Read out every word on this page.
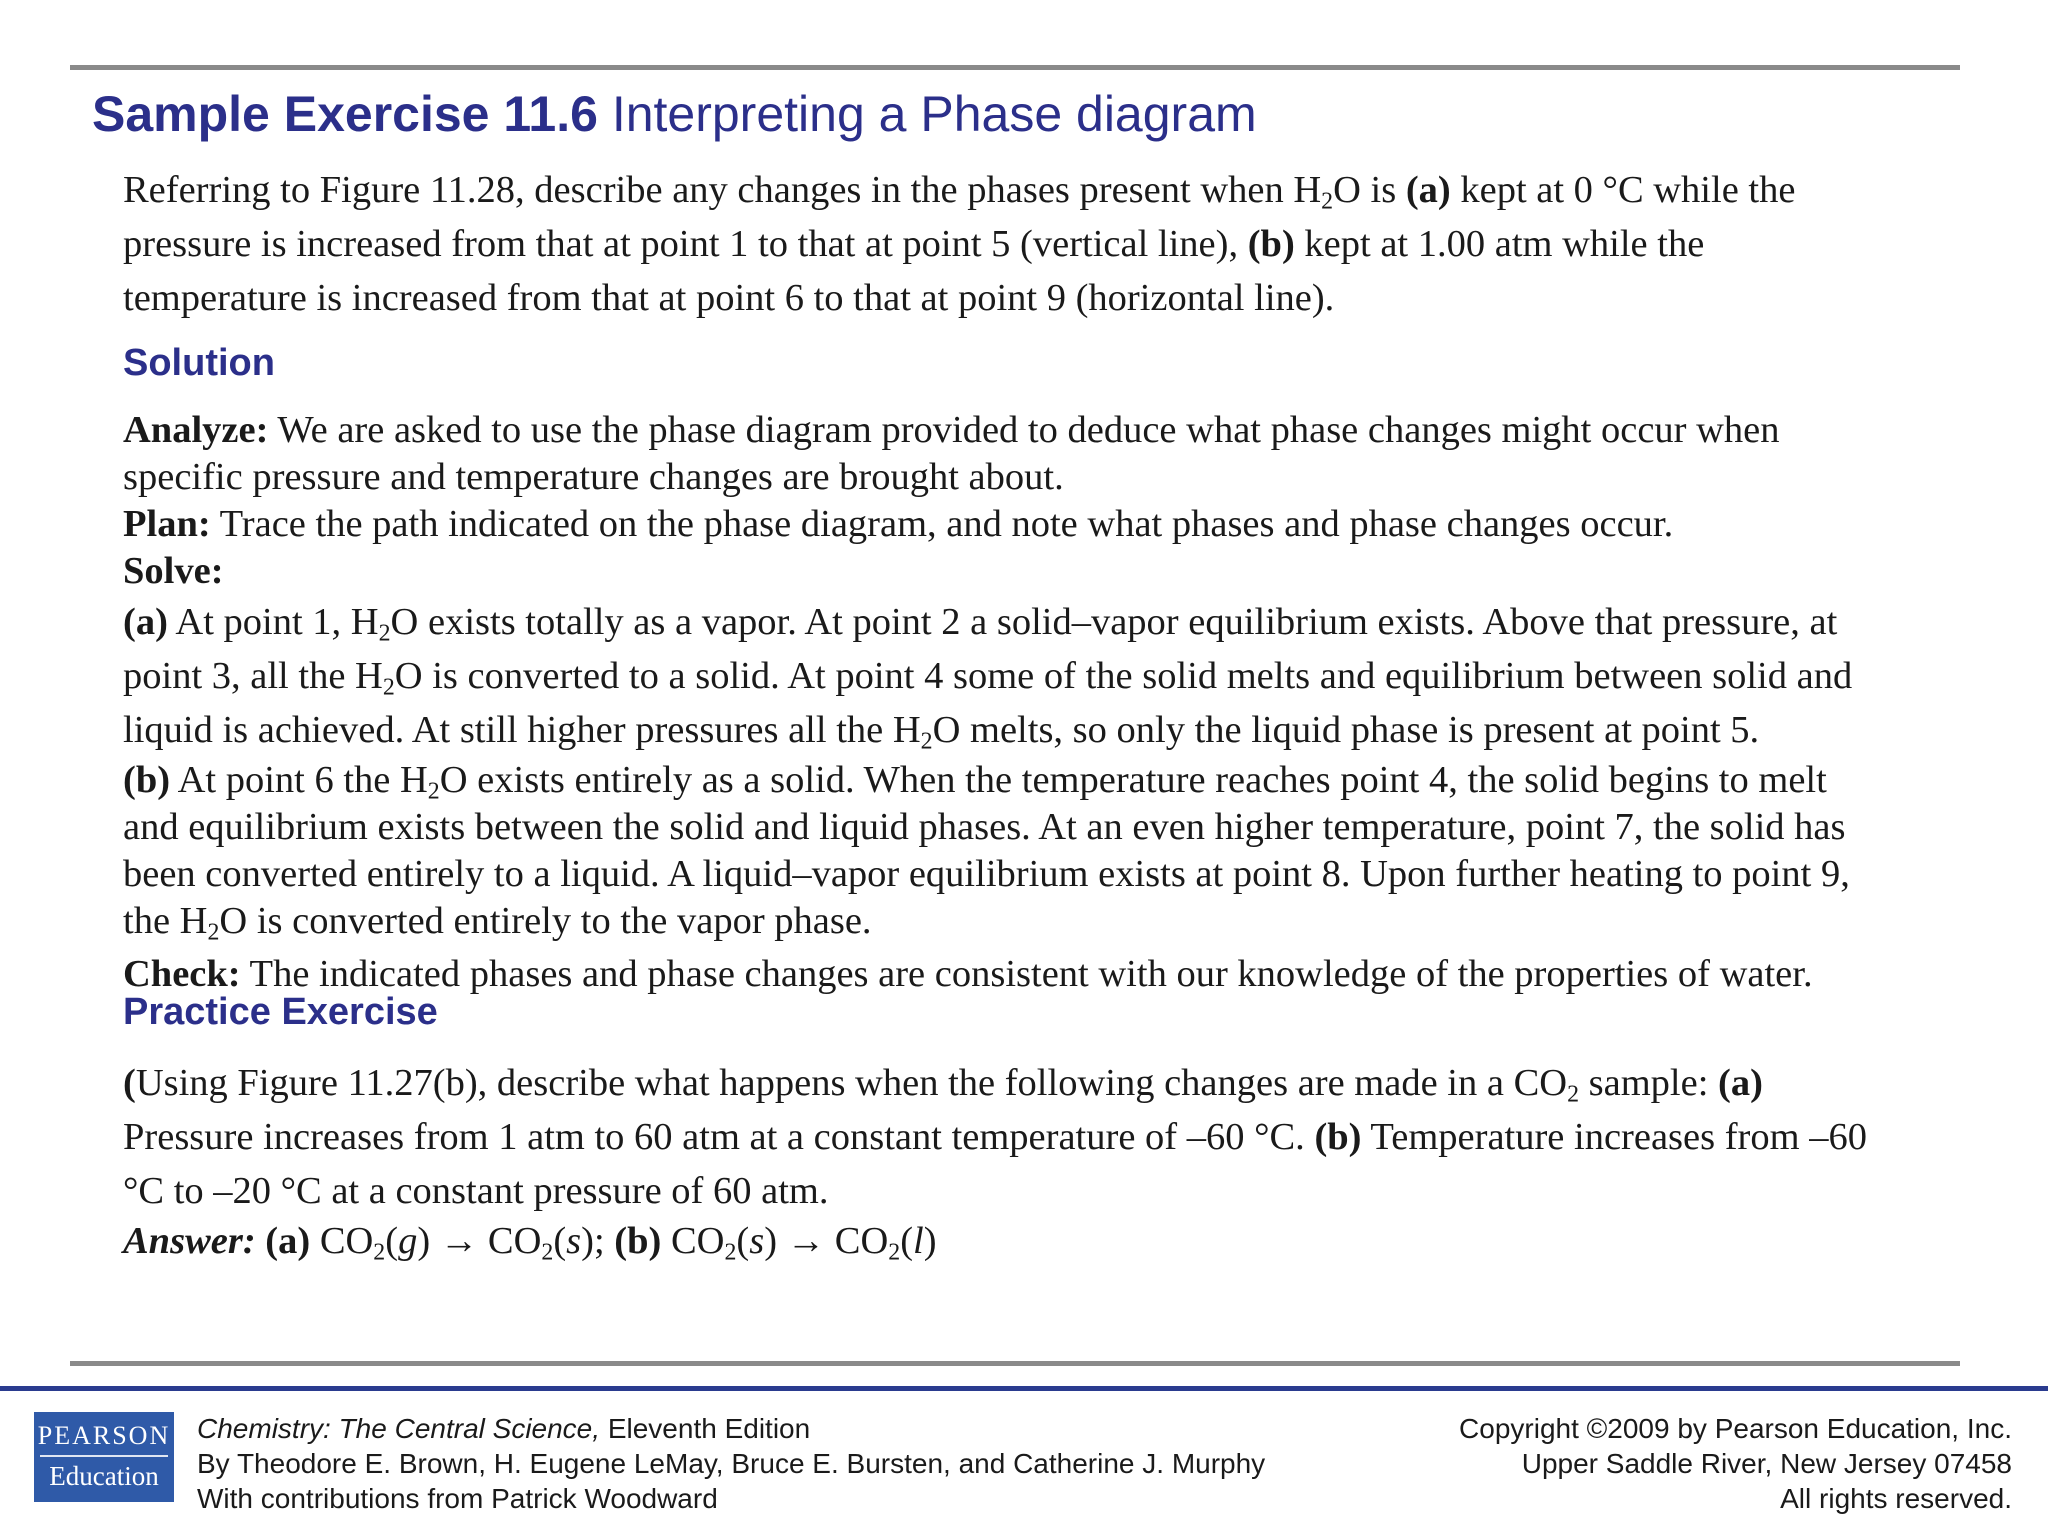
Sample Exercise 11.6 Interpreting a Phase diagram

Referring to Figure 11.28, describe any changes in the phases present when $H_2O$ is (a) kept at 0 °C while the pressure is increased from that at point 1 to that at point 5 (vertical line), (b) kept at 1.00 atm while the temperature is increased from that at point 6 to that at point 9 (horizontal line).

Solution

Analyze: We are asked to use the phase diagram provided to deduce what phase changes might occur when specific pressure and temperature changes are brought about.

Plan: Trace the path indicated on the phase diagram, and note what phases and phase changes occur.

Solve:

(a) At point 1, $H_2O$ exists totally as a vapor. At point 2 a solid–vapor equilibrium exists. Above that pressure, at point 3, all the $H_2O$ is converted to a solid. At point 4 some of the solid melts and equilibrium between solid and liquid is achieved. At still higher pressures all the $H_2O$ melts, so only the liquid phase is present at point 5.

(b) At point 6 the $H_2O$ exists entirely as a solid. When the temperature reaches point 4, the solid begins to melt and equilibrium exists between the solid and liquid phases. At an even higher temperature, point 7, the solid has been converted entirely to a liquid. A liquid–vapor equilibrium exists at point 8. Upon further heating to point 9, the $H_2O$ is converted entirely to the vapor phase.

Check: The indicated phases and phase changes are consistent with our knowledge of the properties of water.

Practice Exercise

(Using Figure 11.27(b), describe what happens when the following changes are made in a $CO_2$ sample: (a) Pressure increases from 1 atm to 60 atm at a constant temperature of –60 °C. (b) Temperature increases from –60 °C to –20 °C at a constant pressure of 60 atm.

Answer: (a) $CO_2(g) \to CO_2(s)$; (b) $CO_2(s) \to CO_2(l)$

PEARSON
Education
Chemistry: The Central Science, Eleventh Edition
By Theodore E. Brown, H. Eugene LeMay, Bruce E. Bursten, and Catherine J. Murphy
With contributions from Patrick Woodward
Copyright ©2009 by Pearson Education, Inc.
Upper Saddle River, New Jersey 07458
All rights reserved.
